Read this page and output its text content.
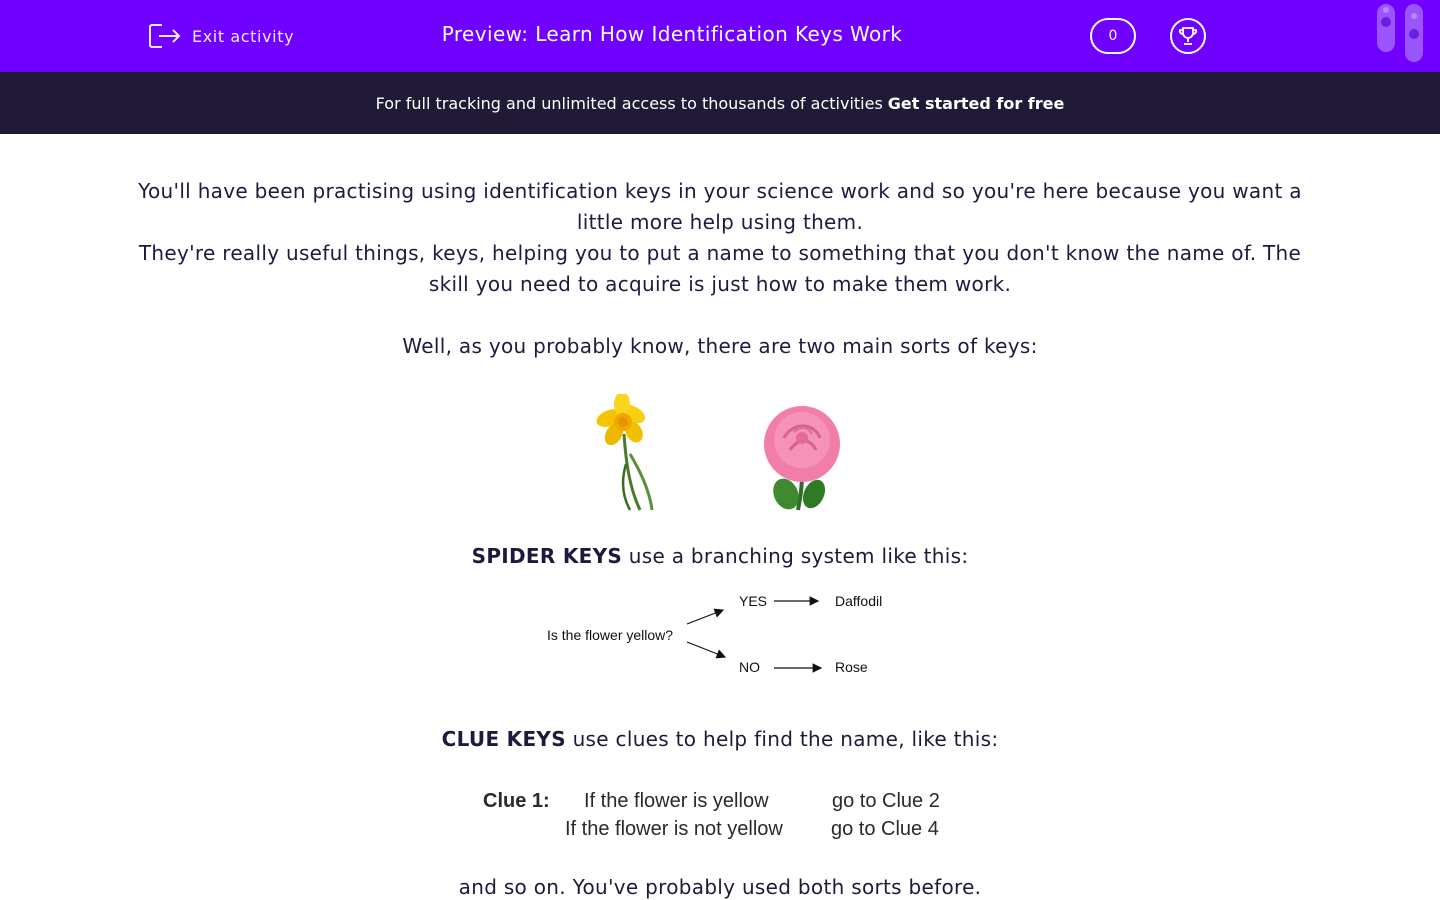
Exit activity	Preview: Learn How Identification Keys Work	0
For full tracking and unlimited access to thousands of activities Get started for free

You'll have been practising using identification keys in your science work and so you're here because you want a little more help using them.

They're really useful things, keys, helping you to put a name to something that you don't know the name of. The skill you need to acquire is just how to make them work.

Well, as you probably know, there are two main sorts of keys:

SPIDER KEYS use a branching system like this:
Is the flower yellow?
YES
NO
Daffodil
Rose
CLUE KEYS use clues to help find the name, like this:
Clue 1: If the flower is yellow	go to Clue 2
If the flower is not yellow go to Clue 4
and so on. You've probably used both sorts before.
